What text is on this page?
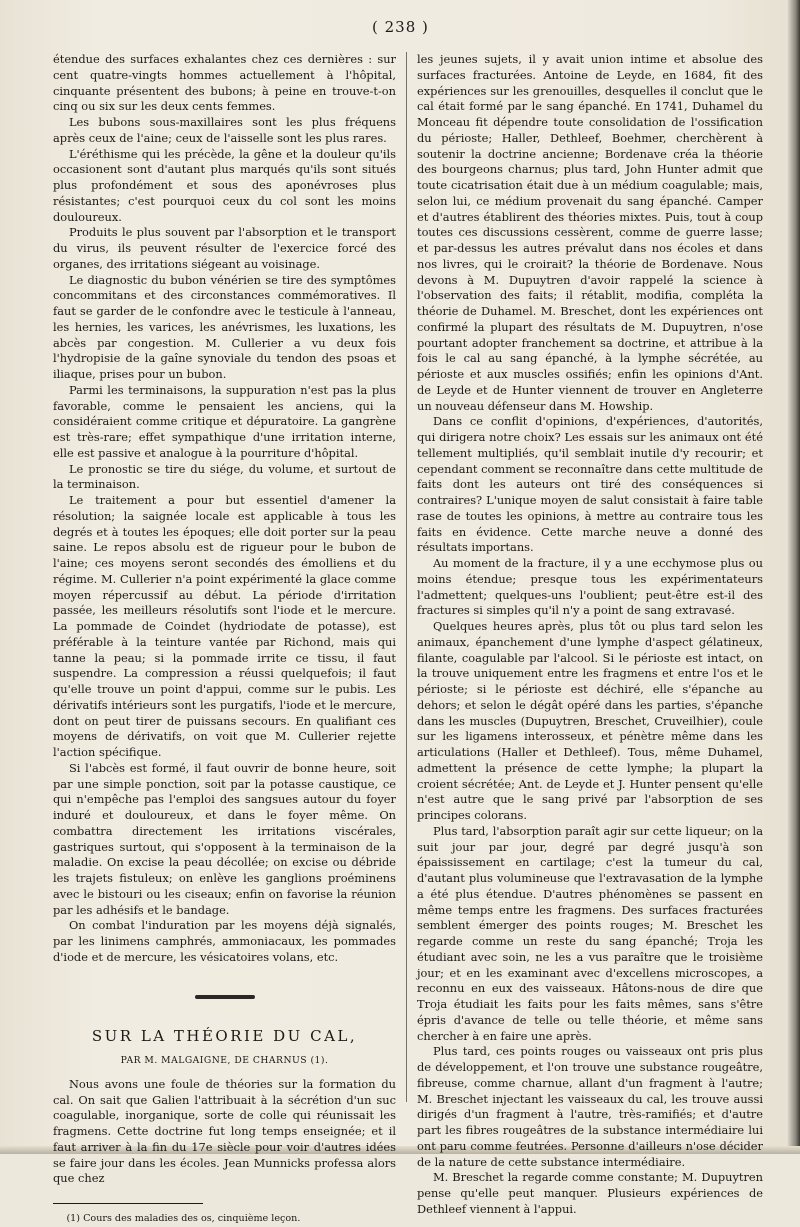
( 238 )

étendue des surfaces exhalantes chez ces dernières : sur cent quatre-vingts hommes actuellement à l'hôpital, cinquante présentent des bubons; à peine en trouve-t-on cinq ou six sur les deux cents femmes.

Les bubons sous-maxillaires sont les plus fréquens après ceux de l'aine; ceux de l'aisselle sont les plus rares.

L'éréthisme qui les précède, la gêne et la douleur qu'ils occasionent sont d'autant plus marqués qu'ils sont situés plus profondément et sous des aponévroses plus résistantes; c'est pourquoi ceux du col sont les moins douloureux.

Produits le plus souvent par l'absorption et le transport du virus, ils peuvent résulter de l'exercice forcé des organes, des irritations siégeant au voisinage.

Le diagnostic du bubon vénérien se tire des symptômes concommitans et des circonstances commémoratives. Il faut se garder de le confondre avec le testicule à l'anneau, les hernies, les varices, les anévrismes, les luxations, les abcès par congestion. M. Cullerier a vu deux fois l'hydropisie de la gaîne synoviale du tendon des psoas et iliaque, prises pour un bubon.

Parmi les terminaisons, la suppuration n'est pas la plus favorable, comme le pensaient les anciens, qui la considéraient comme critique et dépuratoire. La gangrène est très-rare; effet sympathique d'une irritation interne, elle est passive et analogue à la pourriture d'hôpital.

Le pronostic se tire du siége, du volume, et surtout de la terminaison.

Le traitement a pour but essentiel d'amener la résolution; la saignée locale est applicable à tous les degrés et à toutes les époques; elle doit porter sur la peau saine. Le repos absolu est de rigueur pour le bubon de l'aine; ces moyens seront secondés des émolliens et du régime. M. Cullerier n'a point expérimenté la glace comme moyen répercussif au début. La période d'irritation passée, les meilleurs résolutifs sont l'iode et le mercure. La pommade de Coindet (hydriodate de potasse), est préférable à la teinture vantée par Richond, mais qui tanne la peau; si la pommade irrite ce tissu, il faut suspendre. La compression a réussi quelquefois; il faut qu'elle trouve un point d'appui, comme sur le pubis. Les dérivatifs intérieurs sont les purgatifs, l'iode et le mercure, dont on peut tirer de puissans secours. En qualifiant ces moyens de dérivatifs, on voit que M. Cullerier rejette l'action spécifique.

Si l'abcès est formé, il faut ouvrir de bonne heure, soit par une simple ponction, soit par la potasse caustique, ce qui n'empêche pas l'emploi des sangsues autour du foyer induré et douloureux, et dans le foyer même. On combattra directement les irritations viscérales, gastriques surtout, qui s'opposent à la terminaison de la maladie. On excise la peau décollée; on excise ou débride les trajets fistuleux; on enlève les ganglions proéminens avec le bistouri ou les ciseaux; enfin on favorise la réunion par les adhésifs et le bandage.

On combat l'induration par les moyens déjà signalés, par les linimens camphrés, ammoniacaux, les pommades d'iode et de mercure, les vésicatoires volans, etc.

SUR LA THÉORIE DU CAL,
PAR M. MALGAIGNE, DE CHARNUS (1).

Nous avons une foule de théories sur la formation du cal. On sait que Galien l'attribuait à la sécrétion d'un suc coagulable, inorganique, sorte de colle qui réunissait les fragmens. Cette doctrine fut long temps enseignée; et il faut arriver à la fin du 17e siècle pour voir d'autres idées se faire jour dans les écoles. Jean Munnicks professa alors que chez

(1) Cours des maladies des os, cinquième leçon.

les jeunes sujets, il y avait union intime et absolue des surfaces fracturées. Antoine de Leyde, en 1684, fit des expériences sur les grenouilles, desquelles il conclut que le cal était formé par le sang épanché. En 1741, Duhamel du Monceau fit dépendre toute consolidation de l'ossification du périoste; Haller, Dethleef, Boehmer, cherchèrent à soutenir la doctrine ancienne; Bordenave créa la théorie des bourgeons charnus; plus tard, John Hunter admit que toute cicatrisation était due à un médium coagulable; mais, selon lui, ce médium provenait du sang épanché. Camper et d'autres établirent des théories mixtes. Puis, tout à coup toutes ces discussions cessèrent, comme de guerre lasse; et par-dessus les autres prévalut dans nos écoles et dans nos livres, qui le croirait? la théorie de Bordenave. Nous devons à M. Dupuytren d'avoir rappelé la science à l'observation des faits; il rétablit, modifia, compléta la théorie de Duhamel. M. Breschet, dont les expériences ont confirmé la plupart des résultats de M. Dupuytren, n'ose pourtant adopter franchement sa doctrine, et attribue à la fois le cal au sang épanché, à la lymphe sécrétée, au périoste et aux muscles ossifiés; enfin les opinions d'Ant. de Leyde et de Hunter viennent de trouver en Angleterre un nouveau défenseur dans M. Howship.

Dans ce conflit d'opinions, d'expériences, d'autorités, qui dirigera notre choix? Les essais sur les animaux ont été tellement multipliés, qu'il semblait inutile d'y recourir; et cependant comment se reconnaître dans cette multitude de faits dont les auteurs ont tiré des conséquences si contraires? L'unique moyen de salut consistait à faire table rase de toutes les opinions, à mettre au contraire tous les faits en évidence. Cette marche neuve a donné des résultats importans.

Au moment de la fracture, il y a une ecchymose plus ou moins étendue; presque tous les expérimentateurs l'admettent; quelques-uns l'oublient; peut-être est-il des fractures si simples qu'il n'y a point de sang extravasé.

Quelques heures après, plus tôt ou plus tard selon les animaux, épanchement d'une lymphe d'aspect gélatineux, filante, coagulable par l'alcool. Si le périoste est intact, on la trouve uniquement entre les fragmens et entre l'os et le périoste; si le périoste est déchiré, elle s'épanche au dehors; et selon le dégât opéré dans les parties, s'épanche dans les muscles (Dupuytren, Breschet, Cruveilhier), coule sur les ligamens interosseux, et pénètre même dans les articulations (Haller et Dethleef). Tous, même Duhamel, admettent la présence de cette lymphe; la plupart la croient sécrétée; Ant. de Leyde et J. Hunter pensent qu'elle n'est autre que le sang privé par l'absorption de ses principes colorans.

Plus tard, l'absorption paraît agir sur cette liqueur; on la suit jour par jour, degré par degré jusqu'à son épaississement en cartilage; c'est la tumeur du cal, d'autant plus volumineuse que l'extravasation de la lymphe a été plus étendue. D'autres phénomènes se passent en même temps entre les fragmens. Des surfaces fracturées semblent émerger des points rouges; M. Breschet les regarde comme un reste du sang épanché; Troja les étudiant avec soin, ne les a vus paraître que le troisième jour; et en les examinant avec d'excellens microscopes, a reconnu en eux des vaisseaux. Hâtons-nous de dire que Troja étudiait les faits pour les faits mêmes, sans s'être épris d'avance de telle ou telle théorie, et même sans chercher à en faire une après.

Plus tard, ces points rouges ou vaisseaux ont pris plus de développement, et l'on trouve une substance rougeâtre, fibreuse, comme charnue, allant d'un fragment à l'autre; M. Breschet injectant les vaisseaux du cal, les trouve aussi dirigés d'un fragment à l'autre, très-ramifiés; et d'autre part les fibres rougeâtres de la substance intermédiaire lui ont paru comme feutrées. Personne d'ailleurs n'ose décider de la nature de cette substance intermédiaire.

M. Breschet la regarde comme constante; M. Dupuytren pense qu'elle peut manquer. Plusieurs expériences de Dethleef viennent à l'appui.
